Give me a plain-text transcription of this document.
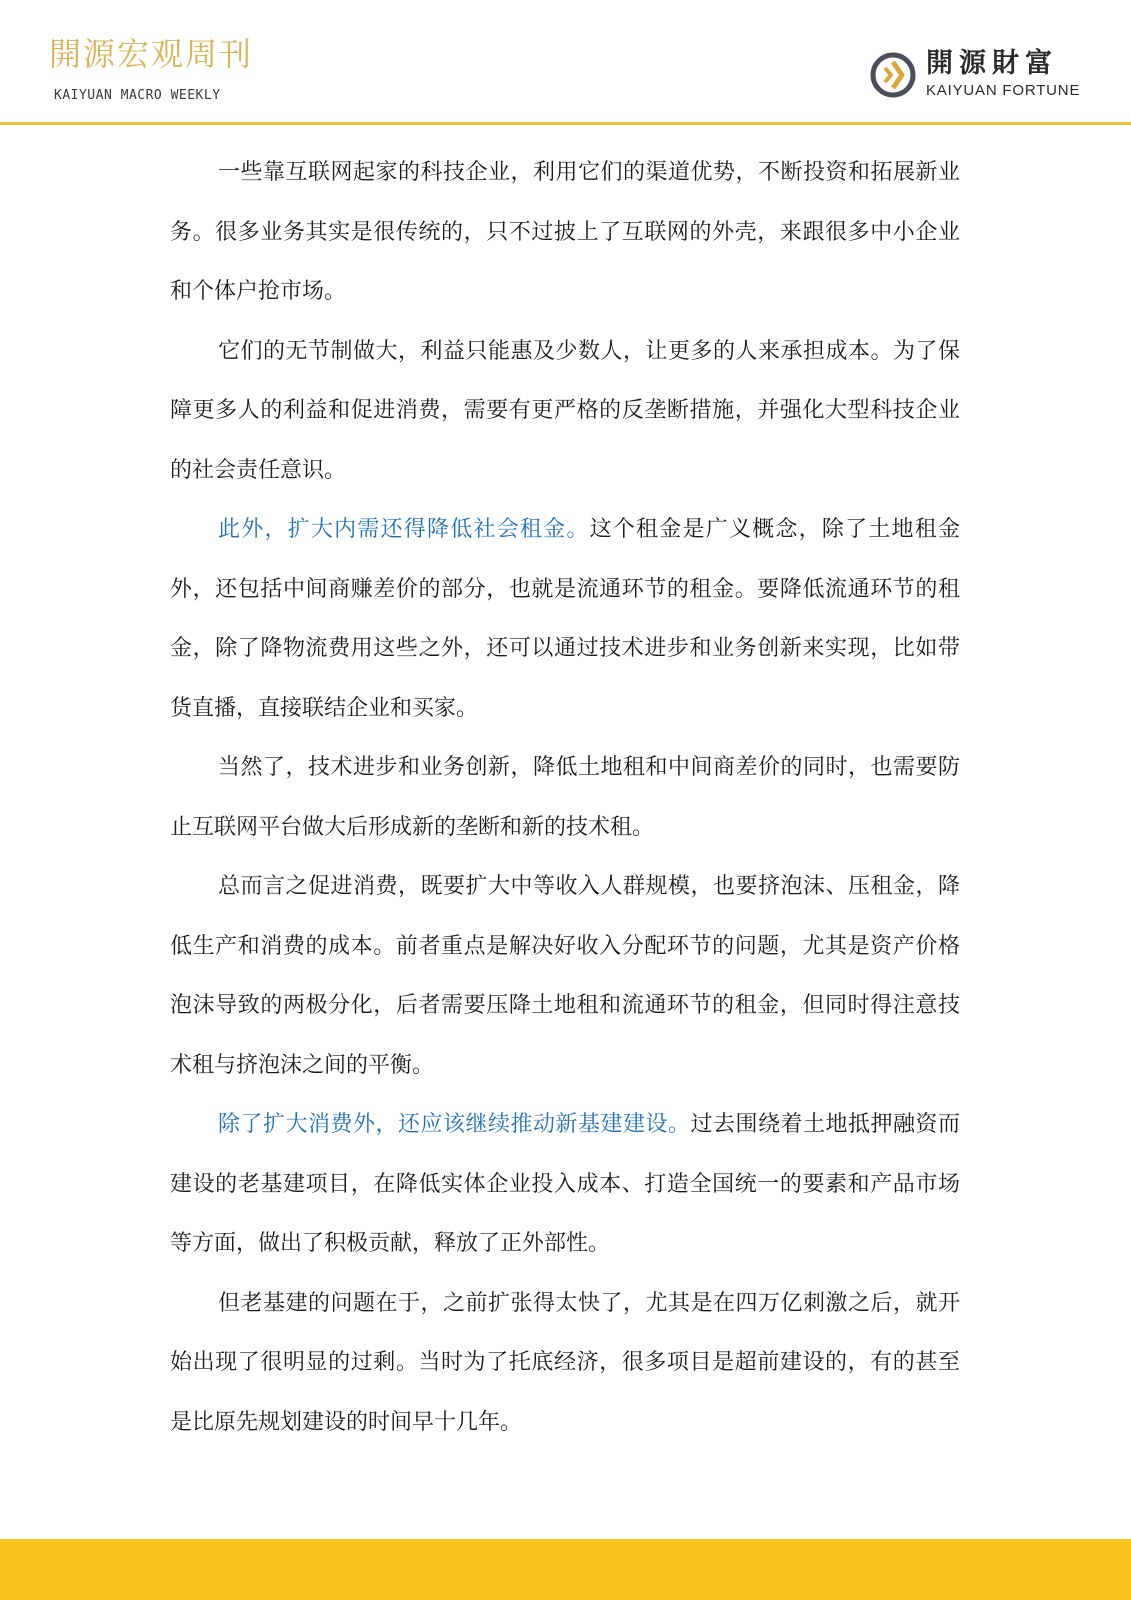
開源宏观周刊
KAIYUAN MACRO WEEKLY
開源財富
KAIYUAN FORTUNE

一些靠互联网起家的科技企业，利用它们的渠道优势，不断投资和拓展新业务。很多业务其实是很传统的，只不过披上了互联网的外壳，来跟很多中小企业和个体户抢市场。

它们的无节制做大，利益只能惠及少数人，让更多的人来承担成本。为了保障更多人的利益和促进消费，需要有更严格的反垄断措施，并强化大型科技企业的社会责任意识。

此外，扩大内需还得降低社会租金。这个租金是广义概念，除了土地租金外，还包括中间商赚差价的部分，也就是流通环节的租金。要降低流通环节的租金，除了降物流费用这些之外，还可以通过技术进步和业务创新来实现，比如带货直播，直接联结企业和买家。

当然了，技术进步和业务创新，降低土地租和中间商差价的同时，也需要防止互联网平台做大后形成新的垄断和新的技术租。

总而言之促进消费，既要扩大中等收入人群规模，也要挤泡沫、压租金，降低生产和消费的成本。前者重点是解决好收入分配环节的问题，尤其是资产价格泡沫导致的两极分化，后者需要压降土地租和流通环节的租金，但同时得注意技术租与挤泡沫之间的平衡。

除了扩大消费外，还应该继续推动新基建建设。过去围绕着土地抵押融资而建设的老基建项目，在降低实体企业投入成本、打造全国统一的要素和产品市场等方面，做出了积极贡献，释放了正外部性。

但老基建的问题在于，之前扩张得太快了，尤其是在四万亿刺激之后，就开始出现了很明显的过剩。当时为了托底经济，很多项目是超前建设的，有的甚至是比原先规划建设的时间早十几年。
